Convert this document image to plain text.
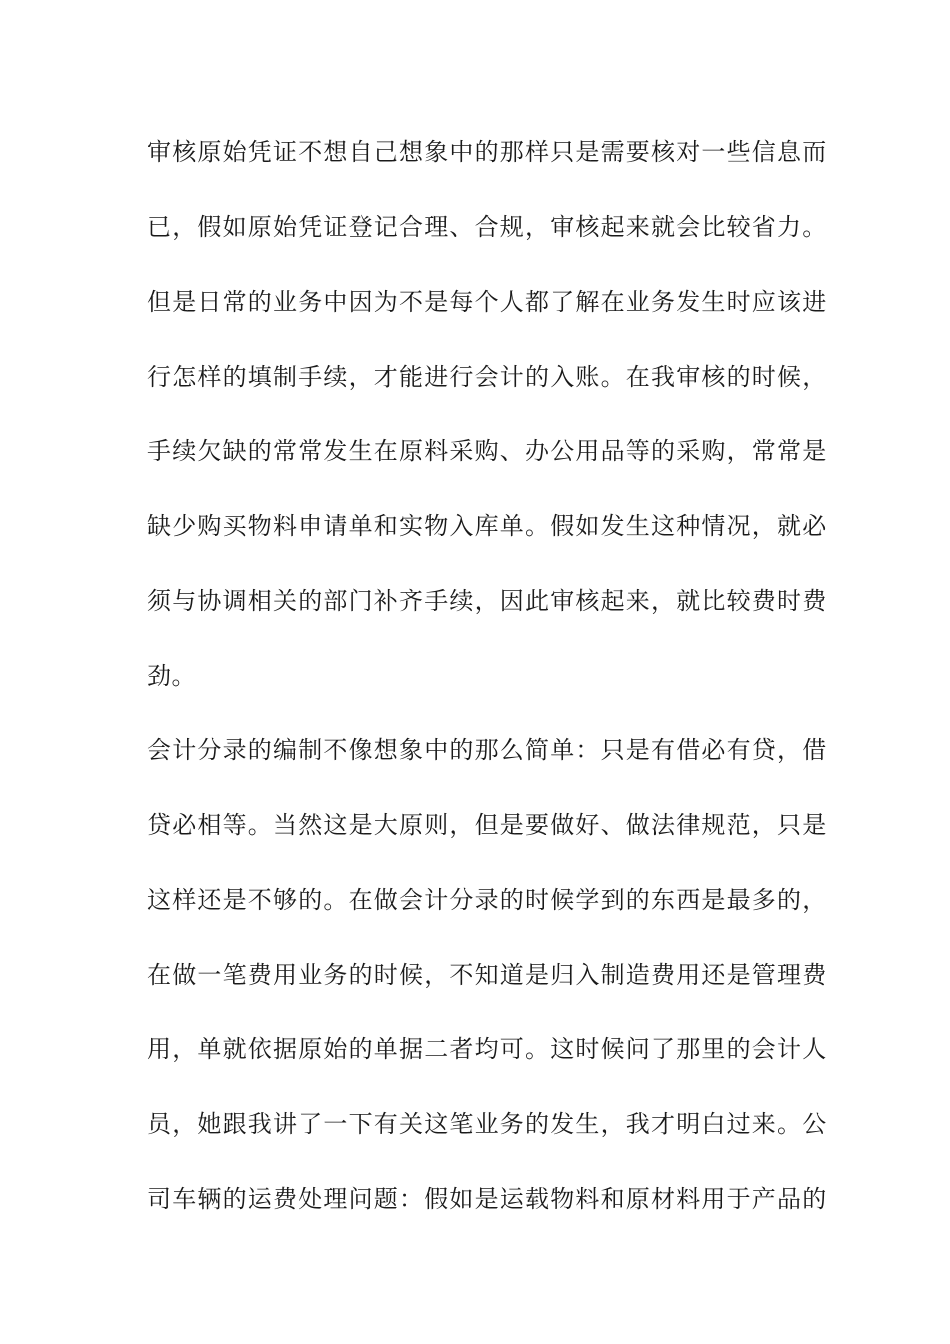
审核原始凭证不想自己想象中的那样只是需要核对一些信息而
已，假如原始凭证登记合理、合规，审核起来就会比较省力。
但是日常的业务中因为不是每个人都了解在业务发生时应该进
行怎样的填制手续，才能进行会计的入账。在我审核的时候，
手续欠缺的常常发生在原料采购、办公用品等的采购，常常是
缺少购买物料申请单和实物入库单。假如发生这种情况，就必
须与协调相关的部门补齐手续，因此审核起来，就比较费时费
劲。
会计分录的编制不像想象中的那么简单：只是有借必有贷，借
贷必相等。当然这是大原则，但是要做好、做法律规范，只是
这样还是不够的。在做会计分录的时候学到的东西是最多的，
在做一笔费用业务的时候，不知道是归入制造费用还是管理费
用，单就依据原始的单据二者均可。这时候问了那里的会计人
员，她跟我讲了一下有关这笔业务的发生，我才明白过来。公
司车辆的运费处理问题：假如是运载物料和原材料用于产品的
